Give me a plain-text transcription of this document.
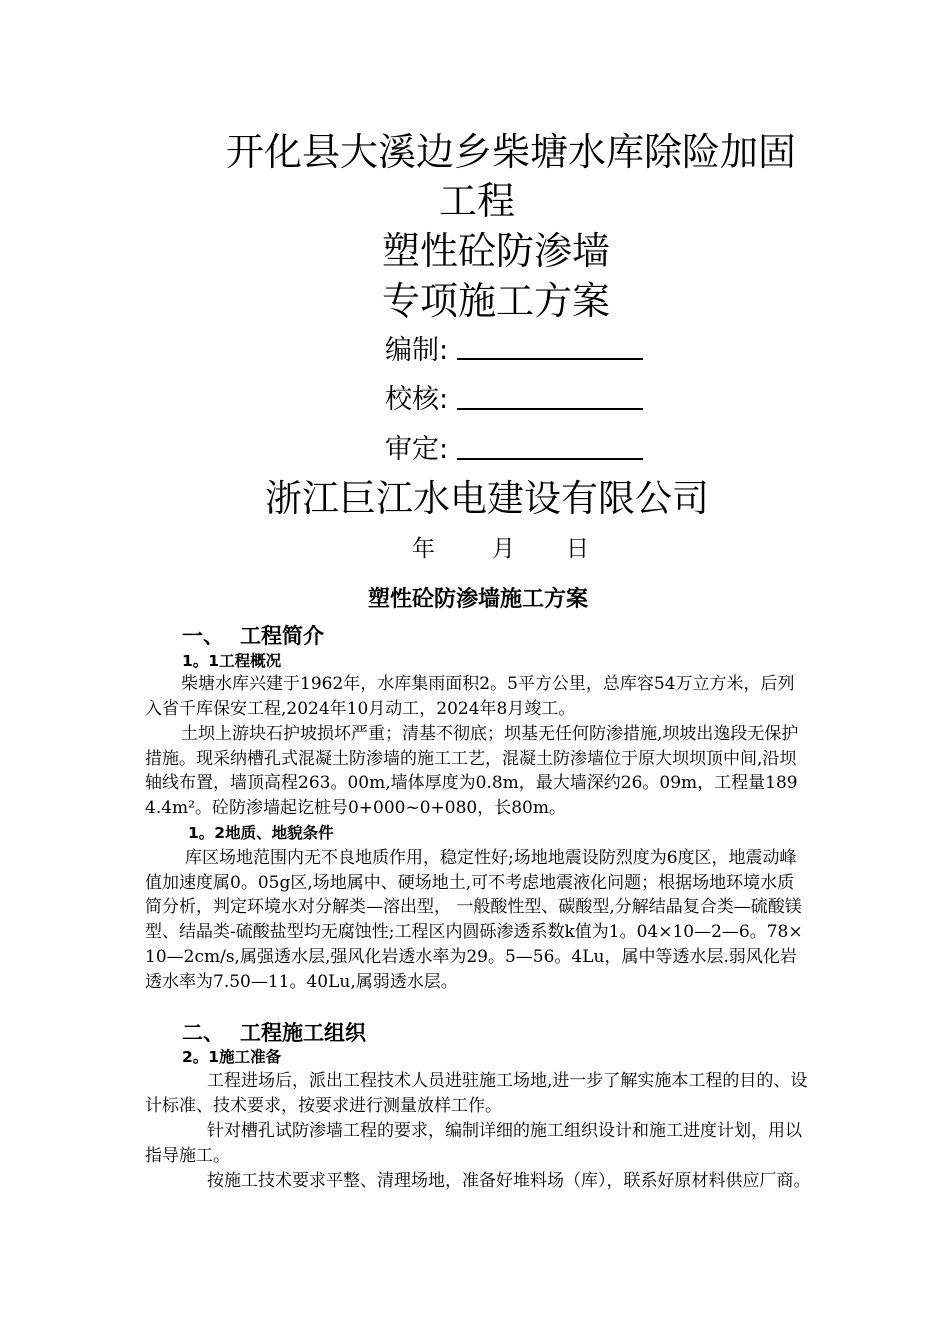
开化县大溪边乡柴塘水库除险加固
工程
塑性砼防渗墙
专项施工方案
编制:
校核:
审定:
浙江巨江水电建设有限公司
年 月 日
塑性砼防渗墙施工方案
一、 工程简介
1。1工程概况
柴塘水库兴建于1962年，水库集雨面积2。5平方公里，总库容54万立方米，后列入省千库保安工程,2024年10月动工，2024年8月竣工。
土坝上游块石护坡损坏严重；清基不彻底；坝基无任何防渗措施,坝坡出逸段无保护措施。现采纳槽孔式混凝土防渗墙的施工工艺，混凝土防渗墙位于原大坝坝顶中间,沿坝轴线布置，墙顶高程263。00m,墙体厚度为0.8m，最大墙深约26。09m，工程量1894.4m²。砼防渗墙起讫桩号0+000~0+080，长80m。
1。2地质、地貌条件
库区场地范围内无不良地质作用，稳定性好;场地地震设防烈度为6度区，地震动峰值加速度属0。05g区,场地属中、硬场地土,可不考虑地震液化问题；根据场地环境水质简分析，判定环境水对分解类—溶出型， 一般酸性型、碳酸型,分解结晶复合类—硫酸镁型、结晶类-硫酸盐型均无腐蚀性;工程区内圆砾渗透系数k值为1。04×10—2—6。78×10—2cm/s,属强透水层,强风化岩透水率为29。5—56。4Lu，属中等透水层.弱风化岩透水率为7.50—11。40Lu,属弱透水层。
二、 工程施工组织
2。1施工准备
工程进场后，派出工程技术人员进驻施工场地,进一步了解实施本工程的目的、设计标准、技术要求，按要求进行测量放样工作。
针对槽孔试防渗墙工程的要求，编制详细的施工组织设计和施工进度计划，用以指导施工。
按施工技术要求平整、清理场地，准备好堆料场（库），联系好原材料供应厂商。
